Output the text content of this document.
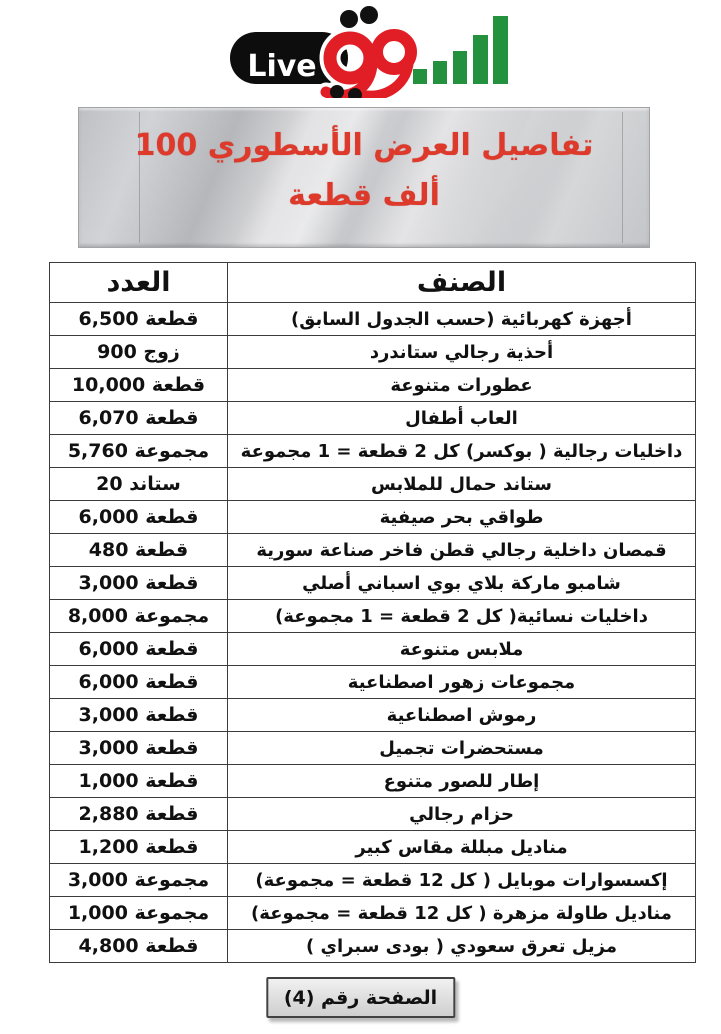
الإمارات
Live
تفاصيل العرض الأسطوري 100
ألف قطعة
الصنف	العدد
أجهزة كهربائية (حسب الجدول السابق)	6,500 قطعة
أحذية رجالي ستاندرد	900 زوج
عطورات متنوعة	10,000 قطعة
العاب أطفال	6,070 قطعة
داخليات رجالية ( بوكسر) كل 2 قطعة = 1 مجموعة	5,760 مجموعة
ستاند حمال للملابس	20 ستاند
طواقي بحر صيفية	6,000 قطعة
قمصان داخلية رجالي قطن فاخر صناعة سورية	480 قطعة
شامبو ماركة بلاي بوي اسباني أصلي	3,000 قطعة
داخليات نسائية( كل 2 قطعة = 1 مجموعة)	8,000 مجموعة
ملابس متنوعة	6,000 قطعة
مجموعات زهور اصطناعية	6,000 قطعة
رموش اصطناعية	3,000 قطعة
مستحضرات تجميل	3,000 قطعة
إطار للصور متنوع	1,000 قطعة
حزام رجالي	2,880 قطعة
مناديل مبللة مقاس كبير	1,200 قطعة
إكسسوارات موبايل ( كل 12 قطعة = مجموعة)	3,000 مجموعة
مناديل طاولة مزهرة ( كل 12 قطعة = مجموعة)	1,000 مجموعة
مزيل تعرق سعودي ( بودى سبراي )	4,800 قطعة
الصفحة رقم (4)
